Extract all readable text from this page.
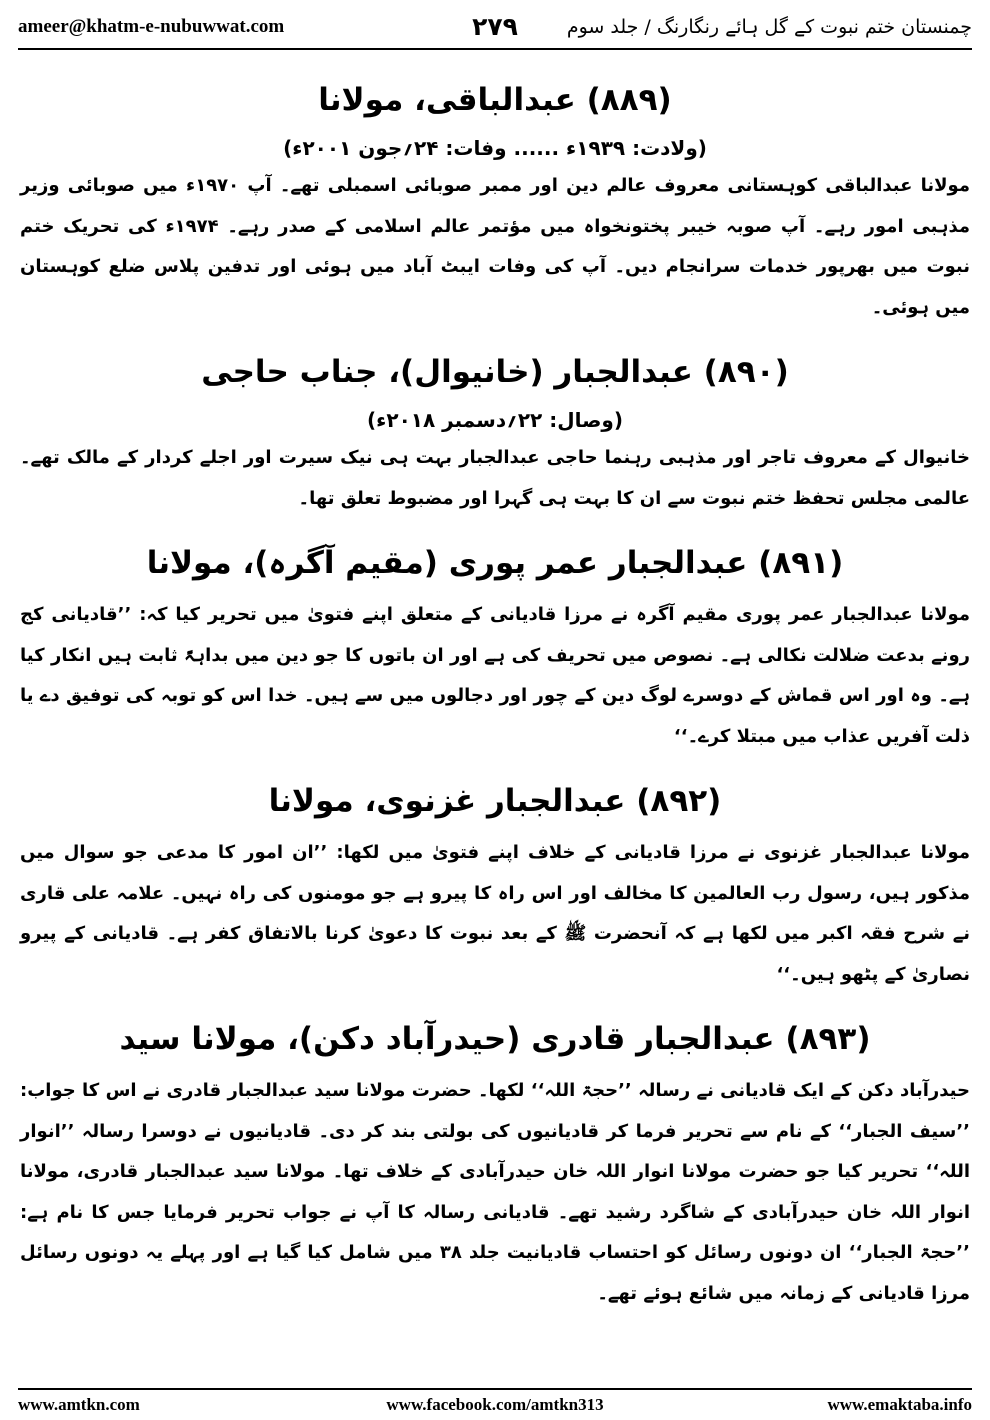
ameer@khatm-e-nubuwwat.com	۲۷۹	چمنستان ختم نبوت کے گل ہائے رنگارنگ / جلد سوم
(۸۸۹) عبدالباقی، مولانا
(ولادت: ۱۹۳۹ء ...... وفات: ۲۴؍جون ۲۰۰۱ء)

مولانا عبدالباقی کوہستانی معروف عالم دین اور ممبر صوبائی اسمبلی تھے۔ آپ ۱۹۷۰ء میں صوبائی وزیر مذہبی امور رہے۔ آپ صوبہ خیبر پختونخواہ میں مؤتمر عالم اسلامی کے صدر رہے۔ ۱۹۷۴ء کی تحریک ختم نبوت میں بھرپور خدمات سرانجام دیں۔ آپ کی وفات ایبٹ آباد میں ہوئی اور تدفین پلاس ضلع کوہستان میں ہوئی۔

(۸۹۰) عبدالجبار (خانیوال)، جناب حاجی
(وصال: ۲۲؍دسمبر ۲۰۱۸ء)

خانیوال کے معروف تاجر اور مذہبی رہنما حاجی عبدالجبار بہت ہی نیک سیرت اور اجلے کردار کے مالک تھے۔ عالمی مجلس تحفظ ختم نبوت سے ان کا بہت ہی گہرا اور مضبوط تعلق تھا۔

(۸۹۱) عبدالجبار عمر پوری (مقیم آگرہ)، مولانا

مولانا عبدالجبار عمر پوری مقیم آگرہ نے مرزا قادیانی کے متعلق اپنے فتویٰ میں تحریر کیا کہ: ’’قادیانی کج رونے بدعت ضلالت نکالی ہے۔ نصوص میں تحریف کی ہے اور ان باتوں کا جو دین میں بداہۃً ثابت ہیں انکار کیا ہے۔ وہ اور اس قماش کے دوسرے لوگ دین کے چور اور دجالوں میں سے ہیں۔ خدا اس کو توبہ کی توفیق دے یا ذلت آفریں عذاب میں مبتلا کرے۔‘‘

(۸۹۲) عبدالجبار غزنوی، مولانا

مولانا عبدالجبار غزنوی نے مرزا قادیانی کے خلاف اپنے فتویٰ میں لکھا: ’’ان امور کا مدعی جو سوال میں مذکور ہیں، رسول رب العالمین کا مخالف اور اس راہ کا پیرو ہے جو مومنوں کی راہ نہیں۔ علامہ علی قاری نے شرح فقہ اکبر میں لکھا ہے کہ آنحضرت ﷺ کے بعد نبوت کا دعویٰ کرنا بالاتفاق کفر ہے۔ قادیانی کے پیرو نصاریٰ کے پٹھو ہیں۔‘‘

(۸۹۳) عبدالجبار قادری (حیدرآباد دکن)، مولانا سید

حیدرآباد دکن کے ایک قادیانی نے رسالہ ’’حجۃ اللہ‘‘ لکھا۔ حضرت مولانا سید عبدالجبار قادری نے اس کا جواب: ’’سیف الجبار‘‘ کے نام سے تحریر فرما کر قادیانیوں کی بولتی بند کر دی۔ قادیانیوں نے دوسرا رسالہ ’’انوار اللہ‘‘ تحریر کیا جو حضرت مولانا انوار اللہ خان حیدرآبادی کے خلاف تھا۔ مولانا سید عبدالجبار قادری، مولانا انوار اللہ خان حیدرآبادی کے شاگرد رشید تھے۔ قادیانی رسالہ کا آپ نے جواب تحریر فرمایا جس کا نام ہے: ’’حجۃ الجبار‘‘ ان دونوں رسائل کو احتساب قادیانیت جلد ۳۸ میں شامل کیا گیا ہے اور پہلے یہ دونوں رسائل مرزا قادیانی کے زمانہ میں شائع ہوئے تھے۔

www.amtkn.com	www.facebook.com/amtkn313	www.emaktaba.info
